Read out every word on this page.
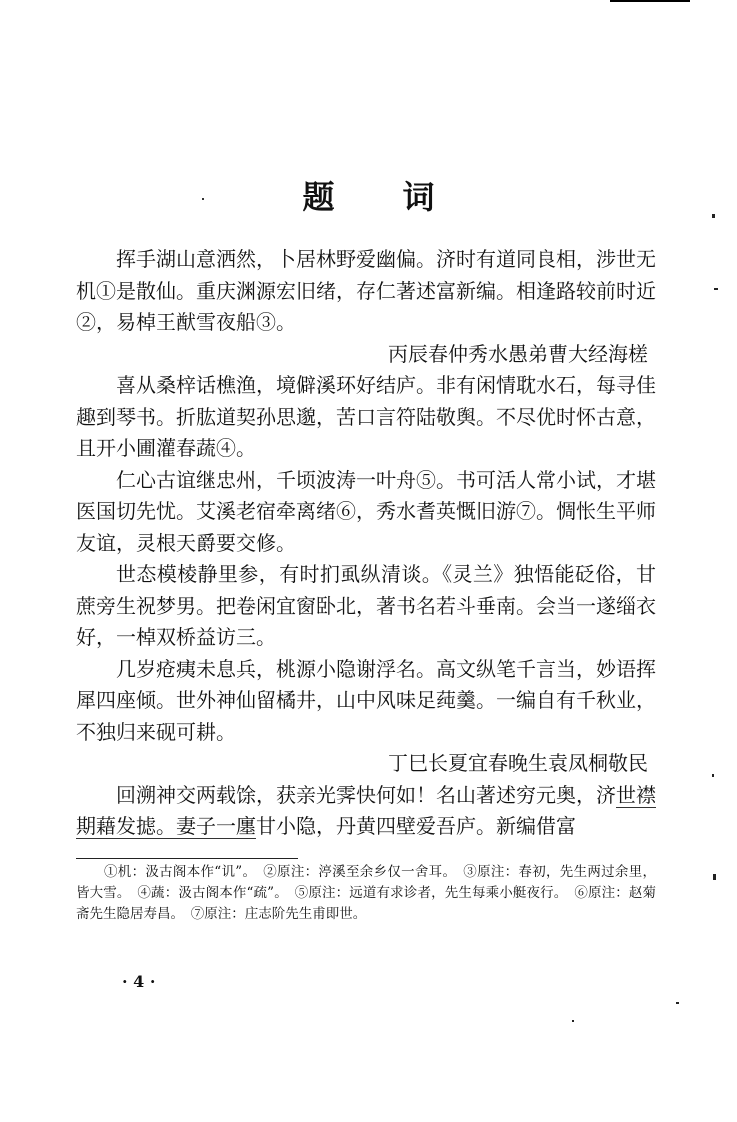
题 词

挥手湖山意洒然，卜居林野爱幽偏。济时有道同良相，涉世无机①是散仙。重庆渊源宏旧绪，存仁著述富新编。相逢路较前时近②，易棹王猷雪夜船③。

丙辰春仲秀水愚弟曹大经海槎

喜从桑梓话樵渔，境僻溪环好结庐。非有闲情耽水石，每寻佳趣到琴书。折肱道契孙思邈，苦口言符陆敬舆。不尽优时怀古意，且开小圃灌春蔬④。

仁心古谊继忠州，千顷波涛一叶舟⑤。书可活人常小试，才堪医国切先忧。艾溪老宿牵离绪⑥，秀水耆英慨旧游⑦。惆怅生平师友谊，灵根天爵要交修。

世态模棱静里参，有时扪虱纵清谈。《灵兰》独悟能砭俗，甘蔗旁生祝梦男。把卷闲宜窗卧北，著书名若斗垂南。会当一遂缁衣好，一棹双桥益访三。

几岁疮痍未息兵，桃源小隐谢浮名。高文纵笔千言当，妙语挥犀四座倾。世外神仙留橘井，山中风味足莼羹。一编自有千秋业，不独归来砚可耕。

丁巳长夏宜春晚生袁凤桐敬民

回溯神交两载馀，获亲光霁快何如！名山著述穷元奥，济世襟期藉发摅。妻子一廛甘小隐，丹黄四壁爱吾庐。新编借富

①机：汲古阁本作“讥”。　②原注：渟溪至余乡仅一舍耳。　③原注：春初，先生两过余里，皆大雪。　④蔬：汲古阁本作“疏”。　⑤原注：远道有求诊者，先生每乘小艇夜行。　⑥原注：赵菊斋先生隐居寿昌。　⑦原注：庄志阶先生甫即世。

· 4 ·
